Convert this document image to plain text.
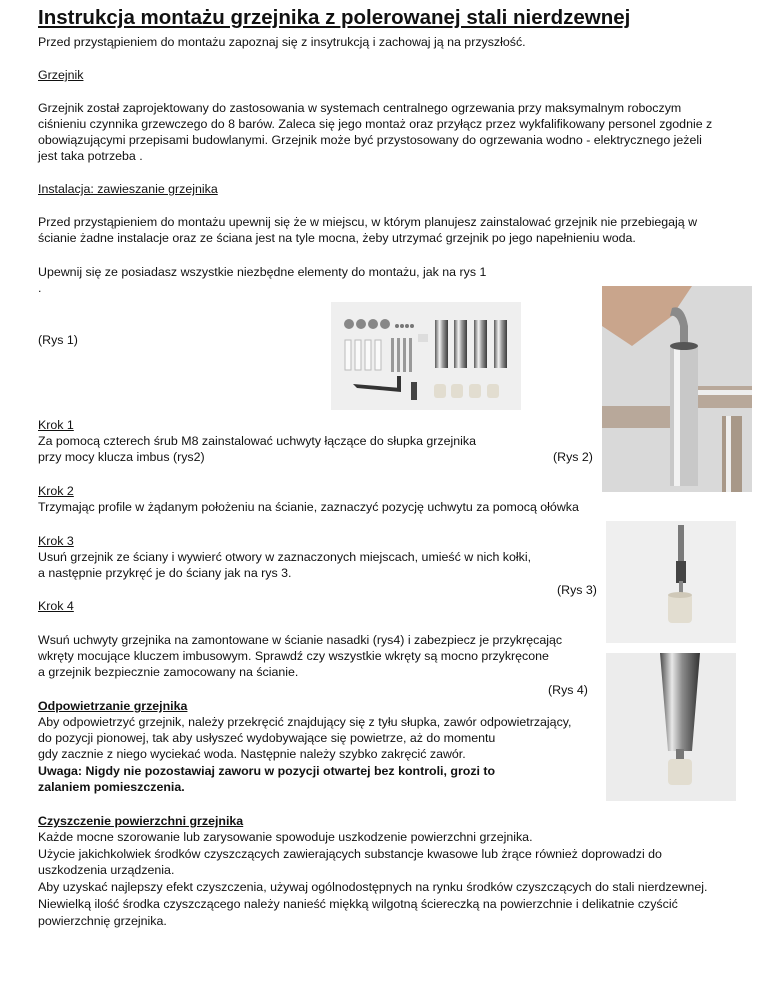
Instrukcja montażu grzejnika z polerowanej stali nierdzewnej
Przed przystąpieniem do montażu zapoznaj się z insytrukcją i zachowaj ją na przyszłość.
Grzejnik
Grzejnik został zaprojektowany do zastosowania w systemach centralnego ogrzewania przy maksymalnym roboczym
ciśnieniu czynnika grzewczego do 8 barów. Zaleca się jego montaż oraz przyłącz przez wykfalifikowany personel zgodnie z
obowiązującymi przepisami budowlanymi. Grzejnik może być przystosowany do ogrzewania wodno - elektrycznego jeżeli
jest taka potrzeba .
Instalacja: zawieszanie grzejnika
Przed przystąpieniem do montażu upewnij się że w miejscu, w którym planujesz zainstalować grzejnik nie przebiegają w
ścianie żadne instalacje oraz ze ściana jest na tyle mocna, żeby utrzymać grzejnik po jego napełnieniu woda.
Upewnij się ze posiadasz wszystkie niezbędne elementy do montażu, jak na rys 1
.
(Rys 1)
Krok 1
Za pomocą czterech śrub M8 zainstalować uchwyty łączące do słupka grzejnika
przy mocy klucza imbus (rys2)	(Rys 2)
Krok 2
Trzymając profile w żądanym położeniu na ścianie, zaznaczyć pozycję uchwytu za pomocą ołówka
Krok 3
Usuń grzejnik ze ściany i wywierć otwory w zaznaczonych miejscach, umieść w nich kołki,
a następnie przykręć je do ściany jak na rys 3.
(Rys 3)
Krok 4
Wsuń uchwyty grzejnika na zamontowane w ścianie nasadki (rys4) i zabezpiecz je przykręcając
wkręty mocujące kluczem imbusowym. Sprawdź czy wszystkie wkręty są mocno przykręcone
a grzejnik bezpiecznie zamocowany na ścianie.
(Rys 4)
Odpowietrzanie grzejnika
Aby odpowietrzyć grzejnik, należy przekręcić znajdujący się z tyłu słupka, zawór odpowietrzający,
do pozycji pionowej, tak aby usłyszeć wydobywające się powietrze, aż do momentu
gdy zacznie z niego wyciekać woda. Następnie należy szybko zakręcić zawór.
Uwaga: Nigdy nie pozostawiaj zaworu w pozycji otwartej bez kontroli, grozi to
zalaniem pomieszczenia.
Czyszczenie powierzchni grzejnika
Każde mocne szorowanie lub zarysowanie spowoduje uszkodzenie powierzchni grzejnika.
Użycie jakichkolwiek środków czyszczących zawierających substancje kwasowe lub żrące również doprowadzi do
uszkodzenia urządzenia.
Aby uzyskać najlepszy efekt czyszczenia, używaj ogólnodostępnych na rynku środków czyszczących do stali nierdzewnej.
Niewielką ilość środka czyszczącego należy nanieść miękką wilgotną ściereczką na powierzchnie i delikatnie czyścić
powierzchnię grzejnika.
